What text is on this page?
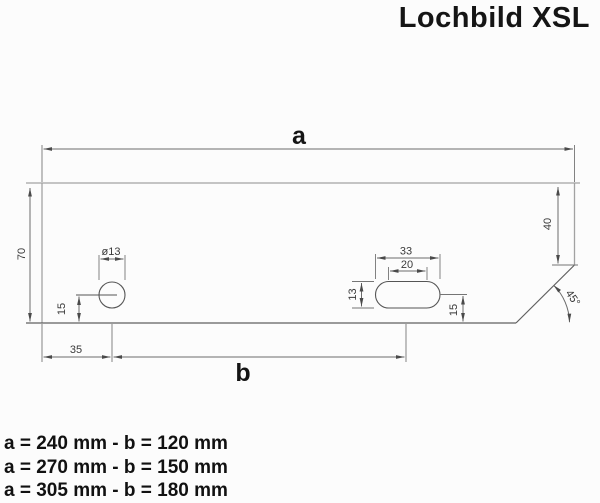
Lochbild XSL
a
70
40
45°
ø13
15
33
20
13
15
35
b
a = 240 mm - b = 120 mm
a = 270 mm - b = 150 mm
a = 305 mm - b = 180 mm
